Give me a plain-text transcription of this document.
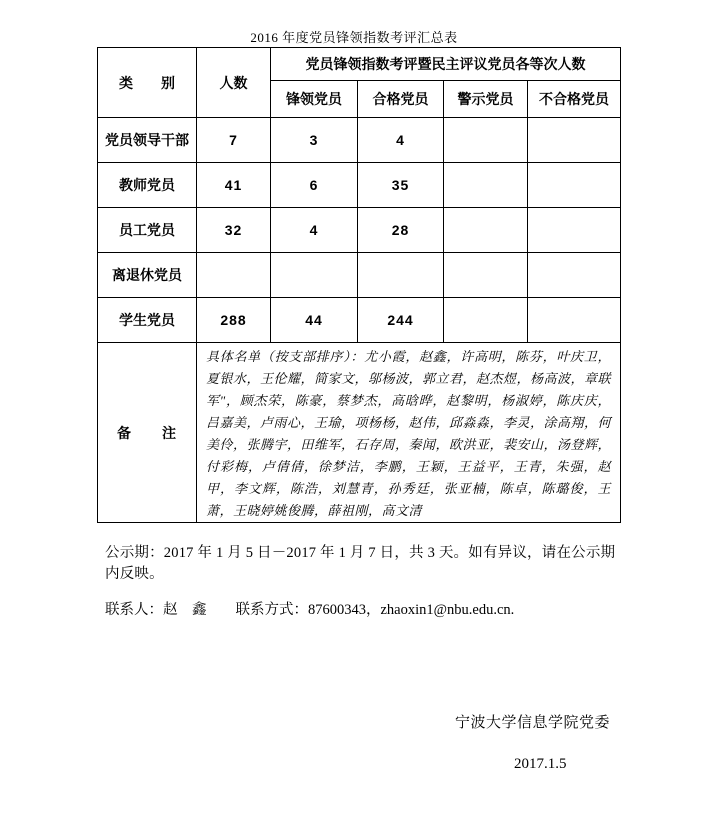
2016 年度党员锋领指数考评汇总表
类　　别	人数	党员锋领指数考评暨民主评议党员各等次人数			
		锋领党员	合格党员	警示党员	不合格党员
党员领导干部	7	3	4		
教师党员	41	6	35		
员工党员	32	4	28		
离退休党员					
学生党员	288	44	244		
备　　注	具体名单（按支部排序）：尤小霞，赵鑫，许高明，陈芬，叶庆卫，夏银水，王伦耀，简家文，邬杨波，郭立君，赵杰煜，杨高波，章联军"，顾杰荣，陈豪，蔡梦杰，高晗晔，赵黎明，杨淑婷，陈庆庆，吕嘉美，卢雨心，王瑜，项杨杨，赵伟，邱淼淼，李灵，涂高翔，何美伶，张腾宇，田维军，石存周，秦闻，欧洪亚，裴安山，汤登辉，付彩梅，卢倩倩，徐梦洁，李鹏，王颖，王益平，王青，朱强，赵甲，李文辉，陈浩，刘慧青，孙秀廷，张亚楠，陈卓，陈璐俊，王萧，王晓婷姚俊腾，薛祖刚，高文清				
公示期：2017 年 1 月 5 日－2017 年 1 月 7 日，共 3 天。如有异议，请在公示期内反映。
联系人：赵　鑫　　联系方式：87600343，zhaoxin1@nbu.edu.cn.
宁波大学信息学院党委
2017.1.5
